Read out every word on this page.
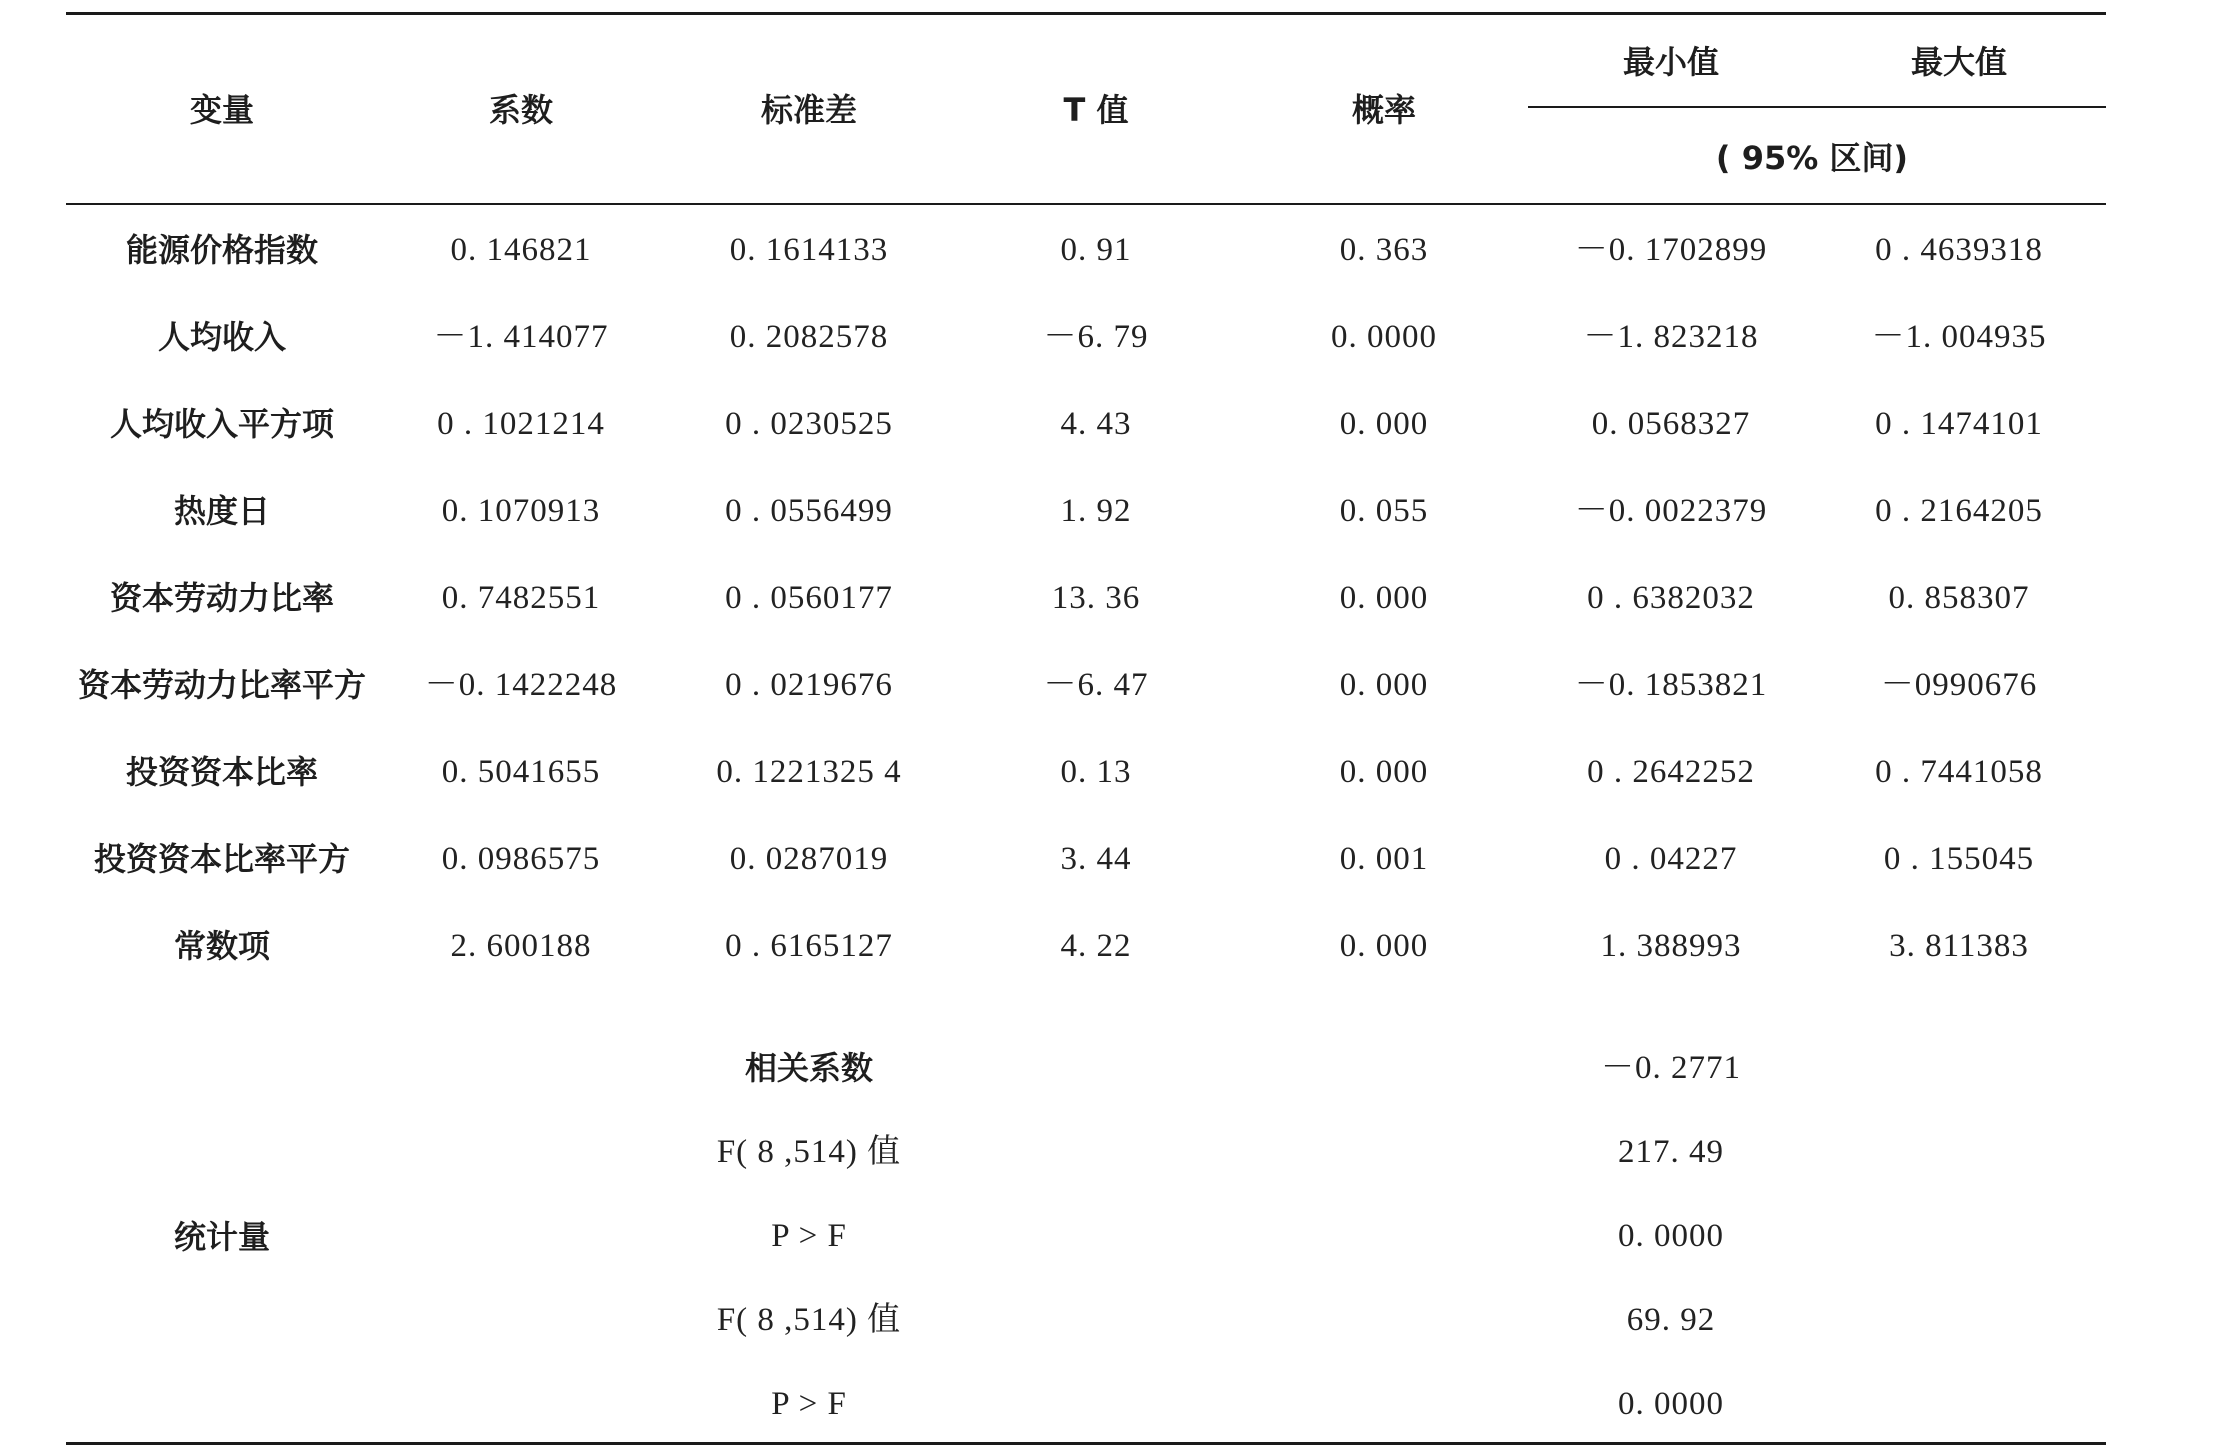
变量	系数	标准差	T 值	概率
最小值	最大值
( 95% 区间)
能源价格指数	0. 146821	0. 1614133	0. 91	0. 363	－0. 1702899	0 . 4639318
人均收入	－1. 414077	0. 2082578	－6. 79	0. 0000	－1. 823218	－1. 004935
人均收入平方项	0 . 1021214	0 . 0230525	4. 43	0. 000	0. 0568327	0 . 1474101
热度日	0. 1070913	0 . 0556499	1. 92	0. 055	－0. 0022379	0 . 2164205
资本劳动力比率	0. 7482551	0 . 0560177	13. 36	0. 000	0 . 6382032	0. 858307
资本劳动力比率平方 －0. 1422248	0 . 0219676	－6. 47	0. 000	－0. 1853821	－0990676
投资资本比率	0. 5041655	0. 1221325 4	0. 13	0. 000	0 . 2642252	0 . 7441058
投资资本比率平方	0. 0986575	0. 0287019	3. 44	0. 001	0 . 04227	0 . 155045
常数项	2. 600188	0 . 6165127	4. 22	0. 000	1. 388993	3. 811383
统计量
相关系数	－0. 2771
F( 8 ,514) 值	217. 49
P > F	0. 0000
F( 8 ,514) 值	69. 92
P > F	0. 0000
